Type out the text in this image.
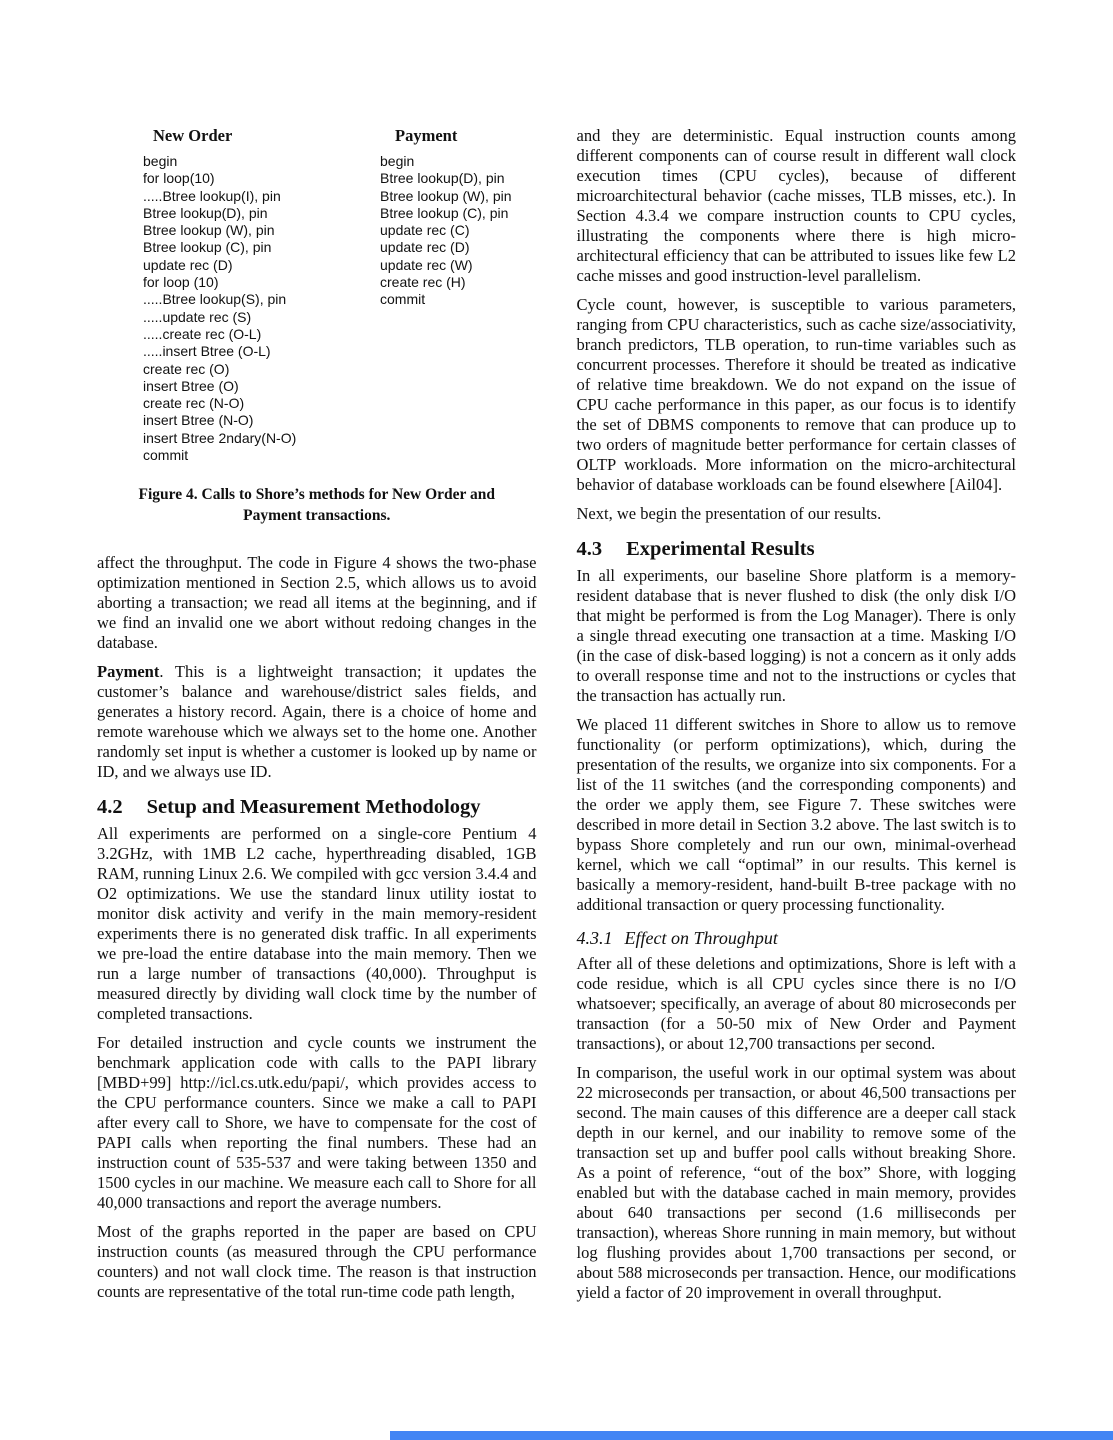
New Order
begin
for loop(10)
.....Btree lookup(I), pin
Btree lookup(D), pin
Btree lookup (W), pin
Btree lookup (C), pin
update rec (D)
for loop (10)
.....Btree lookup(S), pin
.....update rec (S)
.....create rec (O-L)
.....insert Btree (O-L)
create rec (O)
insert Btree (O)
create rec (N-O)
insert Btree (N-O)
insert Btree 2ndary(N-O)
commit
Payment
begin
Btree lookup(D), pin
Btree lookup (W), pin
Btree lookup (C), pin
update rec (C)
update rec (D)
update rec (W)
create rec (H)
commit
Figure 4. Calls to Shore’s methods for New Order and
Payment transactions.

affect the throughput. The code in Figure 4 shows the two-phase optimization mentioned in Section 2.5, which allows us to avoid aborting a transaction; we read all items at the beginning, and if we find an invalid one we abort without redoing changes in the database.

Payment. This is a lightweight transaction; it updates the customer’s balance and warehouse/district sales fields, and generates a history record. Again, there is a choice of home and remote warehouse which we always set to the home one. Another randomly set input is whether a customer is looked up by name or ID, and we always use ID.

4.2 Setup and Measurement Methodology

All experiments are performed on a single-core Pentium 4 3.2GHz, with 1MB L2 cache, hyperthreading disabled, 1GB RAM, running Linux 2.6. We compiled with gcc version 3.4.4 and O2 optimizations. We use the standard linux utility iostat to monitor disk activity and verify in the main memory-resident experiments there is no generated disk traffic. In all experiments we pre-load the entire database into the main memory. Then we run a large number of transactions (40,000). Throughput is measured directly by dividing wall clock time by the number of completed transactions.

For detailed instruction and cycle counts we instrument the benchmark application code with calls to the PAPI library [MBD+99] http://icl.cs.utk.edu/papi/, which provides access to the CPU performance counters. Since we make a call to PAPI after every call to Shore, we have to compensate for the cost of PAPI calls when reporting the final numbers. These had an instruction count of 535-537 and were taking between 1350 and 1500 cycles in our machine. We measure each call to Shore for all 40,000 transactions and report the average numbers.

Most of the graphs reported in the paper are based on CPU instruction counts (as measured through the CPU performance counters) and not wall clock time. The reason is that instruction counts are representative of the total run-time code path length,

and they are deterministic. Equal instruction counts among different components can of course result in different wall clock execution times (CPU cycles), because of different microarchitectural behavior (cache misses, TLB misses, etc.). In Section 4.3.4 we compare instruction counts to CPU cycles, illustrating the components where there is high micro-architectural efficiency that can be attributed to issues like few L2 cache misses and good instruction-level parallelism.

Cycle count, however, is susceptible to various parameters, ranging from CPU characteristics, such as cache size/associativity, branch predictors, TLB operation, to run-time variables such as concurrent processes. Therefore it should be treated as indicative of relative time breakdown. We do not expand on the issue of CPU cache performance in this paper, as our focus is to identify the set of DBMS components to remove that can produce up to two orders of magnitude better performance for certain classes of OLTP workloads. More information on the micro-architectural behavior of database workloads can be found elsewhere [Ail04].

Next, we begin the presentation of our results.

4.3 Experimental Results

In all experiments, our baseline Shore platform is a memory-resident database that is never flushed to disk (the only disk I/O that might be performed is from the Log Manager). There is only a single thread executing one transaction at a time. Masking I/O (in the case of disk-based logging) is not a concern as it only adds to overall response time and not to the instructions or cycles that the transaction has actually run.

We placed 11 different switches in Shore to allow us to remove functionality (or perform optimizations), which, during the presentation of the results, we organize into six components. For a list of the 11 switches (and the corresponding components) and the order we apply them, see Figure 7. These switches were described in more detail in Section 3.2 above. The last switch is to bypass Shore completely and run our own, minimal-overhead kernel, which we call “optimal” in our results. This kernel is basically a memory-resident, hand-built B-tree package with no additional transaction or query processing functionality.

4.3.1 Effect on Throughput

After all of these deletions and optimizations, Shore is left with a code residue, which is all CPU cycles since there is no I/O whatsoever; specifically, an average of about 80 microseconds per transaction (for a 50-50 mix of New Order and Payment transactions), or about 12,700 transactions per second.

In comparison, the useful work in our optimal system was about 22 microseconds per transaction, or about 46,500 transactions per second. The main causes of this difference are a deeper call stack depth in our kernel, and our inability to remove some of the transaction set up and buffer pool calls without breaking Shore. As a point of reference, “out of the box” Shore, with logging enabled but with the database cached in main memory, provides about 640 transactions per second (1.6 milliseconds per transaction), whereas Shore running in main memory, but without log flushing provides about 1,700 transactions per second, or about 588 microseconds per transaction. Hence, our modifications yield a factor of 20 improvement in overall throughput.
